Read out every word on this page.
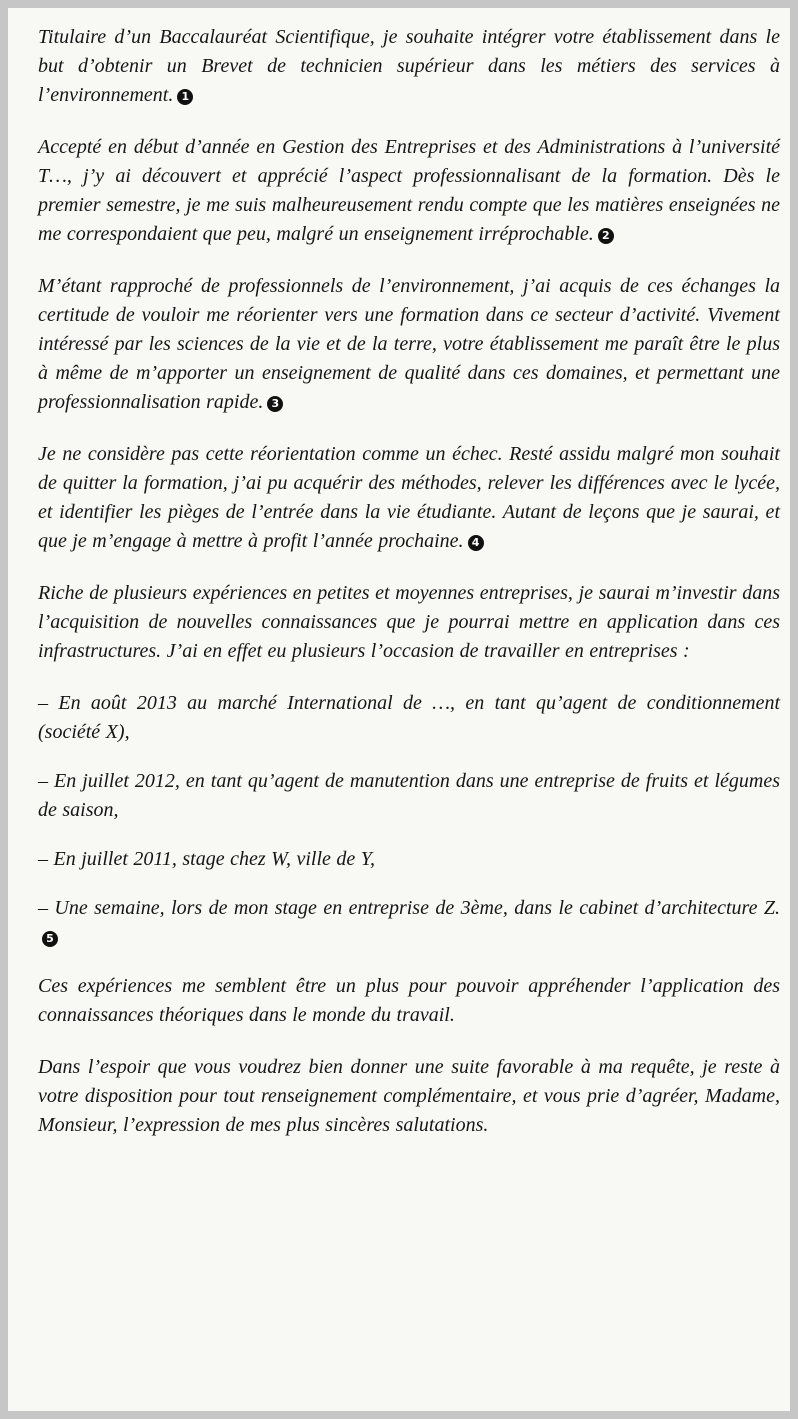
Titulaire d’un Baccalauréat Scientifique, je souhaite intégrer votre établissement dans le but d’obtenir un Brevet de technicien supérieur dans les métiers des services à l’environnement. 1

Accepté en début d’année en Gestion des Entreprises et des Administrations à l’université T…, j’y ai découvert et apprécié l’aspect professionnalisant de la formation. Dès le premier semestre, je me suis malheureusement rendu compte que les matières enseignées ne me correspondaient que peu, malgré un enseignement irréprochable. 2

M’étant rapproché de professionnels de l’environnement, j’ai acquis de ces échanges la certitude de vouloir me réorienter vers une formation dans ce secteur d’activité. Vivement intéressé par les sciences de la vie et de la terre, votre établissement me paraît être le plus à même de m’apporter un enseignement de qualité dans ces domaines, et permettant une professionnalisation rapide. 3

Je ne considère pas cette réorientation comme un échec. Resté assidu malgré mon souhait de quitter la formation, j’ai pu acquérir des méthodes, relever les différences avec le lycée, et identifier les pièges de l’entrée dans la vie étudiante. Autant de leçons que je saurai, et que je m’engage à mettre à profit l’année prochaine. 4

Riche de plusieurs expériences en petites et moyennes entreprises, je saurai m’investir dans l’acquisition de nouvelles connaissances que je pourrai mettre en application dans ces infrastructures. J’ai en effet eu plusieurs l’occasion de travailler en entreprises :

– En août 2013 au marché International de …, en tant qu’agent de conditionnement (société X),

– En juillet 2012, en tant qu’agent de manutention dans une entreprise de fruits et légumes de saison,

– En juillet 2011, stage chez W, ville de Y,

– Une semaine, lors de mon stage en entreprise de 3ème, dans le cabinet d’architecture Z.5

Ces expériences me semblent être un plus pour pouvoir appréhender l’application des connaissances théoriques dans le monde du travail.

Dans l’espoir que vous voudrez bien donner une suite favorable à ma requête, je reste à votre disposition pour tout renseignement complémentaire, et vous prie d’agréer, Madame, Monsieur, l’expression de mes plus sincères salutations.
